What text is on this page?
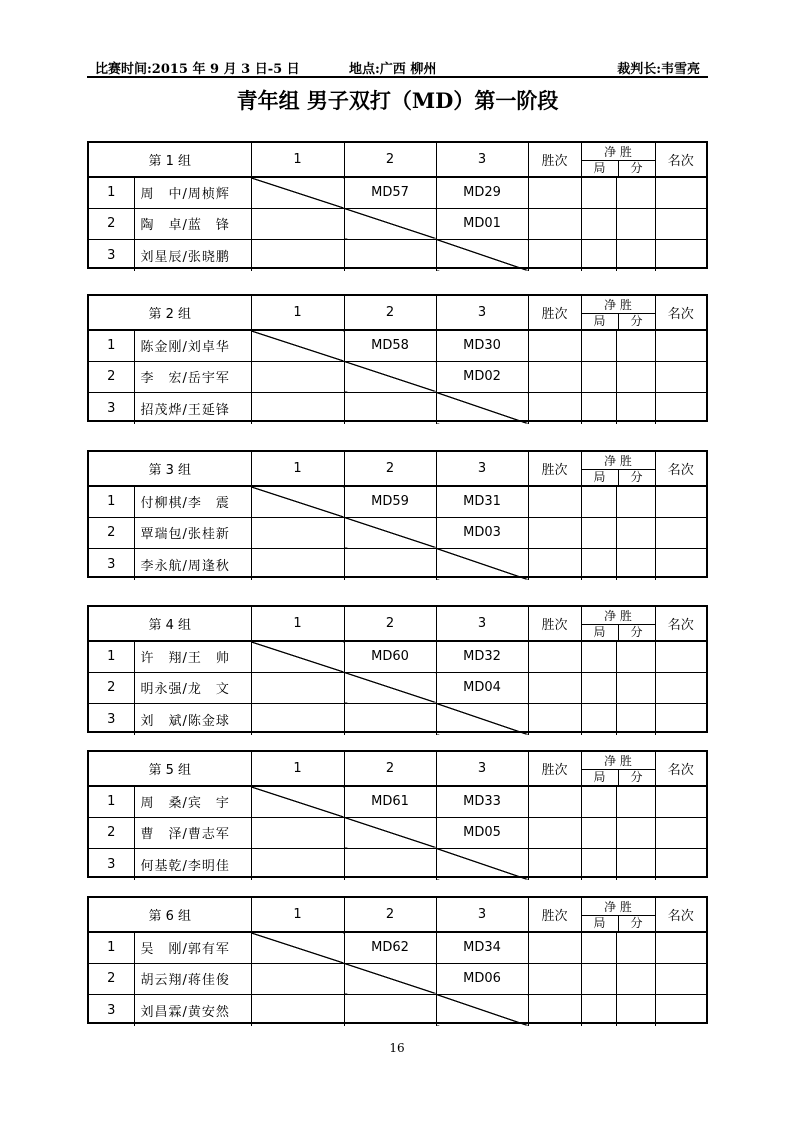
比赛时间:2015 年 9 月 3 日-5 日	地点:广西 柳州	裁判长:韦雪亮
青年组 男子双打（MD）第一阶段
第 1 组		1	2	3	胜次	净 胜
局 分		名次
1	周　中/周桢辉		MD57	MD29				
2	陶　卓/蓝　锋			MD01				
3	刘星辰/张晓鹏							
第 2 组		1	2	3	胜次	净 胜
局 分		名次
1	陈金刚/刘卓华		MD58	MD30				
2	李　宏/岳宇军			MD02				
3	招茂烨/王延锋							
第 3 组		1	2	3	胜次	净 胜
局 分		名次
1	付柳棋/李　震		MD59	MD31				
2	覃瑞包/张桂新			MD03				
3	李永航/周逢秋							
第 4 组		1	2	3	胜次	净 胜
局 分		名次
1	许　翔/王　帅		MD60	MD32				
2	明永强/龙　文			MD04				
3	刘　斌/陈金球							
第 5 组		1	2	3	胜次	净 胜
局 分		名次
1	周　桑/宾　宇		MD61	MD33				
2	曹　泽/曹志军			MD05				
3	何基乾/李明佳							
第 6 组		1	2	3	胜次	净 胜
局 分		名次
1	吴　刚/郭有军		MD62	MD34				
2	胡云翔/蒋佳俊			MD06				
3	刘昌霖/黄安然							
16
